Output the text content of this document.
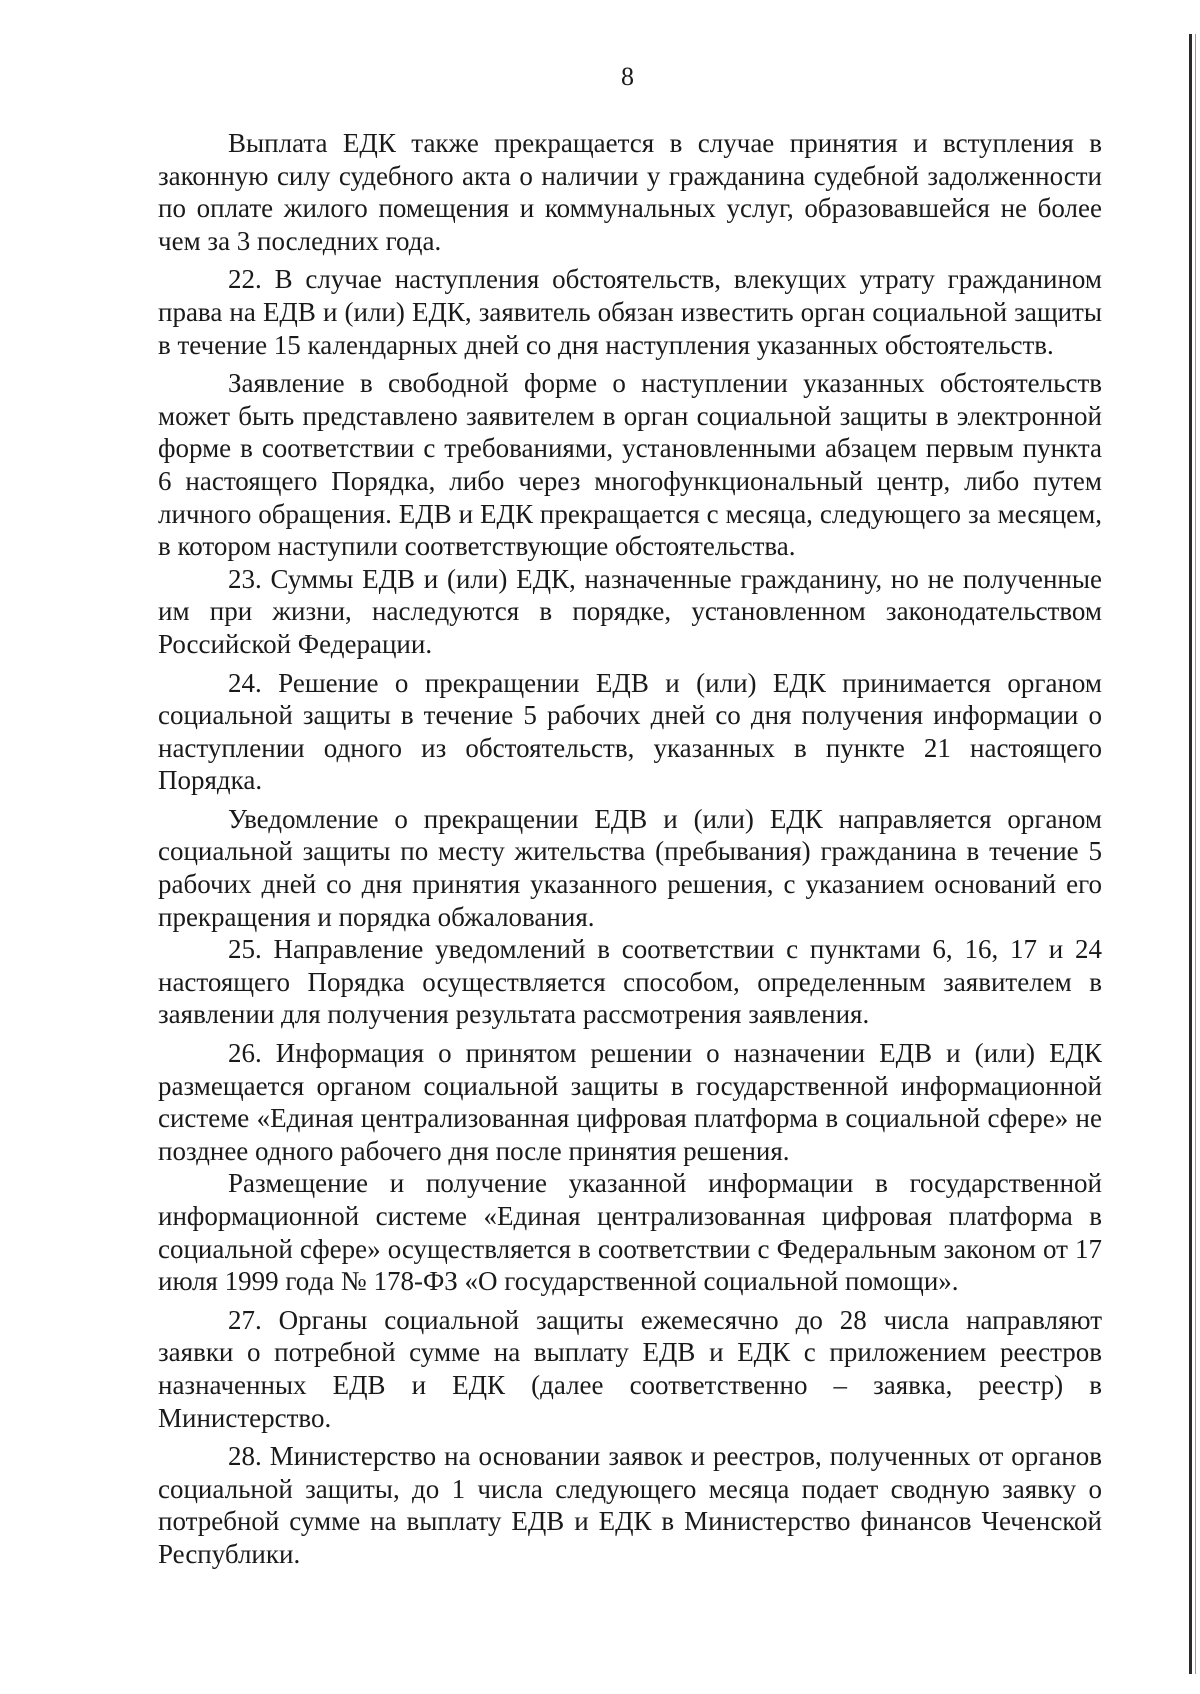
8

Выплата ЕДК также прекращается в случае принятия и вступления в законную силу судебного акта о наличии у гражданина судебной задолженности по оплате жилого помещения и коммунальных услуг, образовавшейся не более чем за 3 последних года.

22. В случае наступления обстоятельств, влекущих утрату гражданином права на ЕДВ и (или) ЕДК, заявитель обязан известить орган социальной защиты в течение 15 календарных дней со дня наступления указанных обстоятельств.

Заявление в свободной форме о наступлении указанных обстоятельств может быть представлено заявителем в орган социальной защиты в электронной форме в соответствии с требованиями, установленными абзацем первым пункта 6 настоящего Порядка, либо через многофункциональный центр, либо путем личного обращения. ЕДВ и ЕДК прекращается с месяца, следующего за месяцем, в котором наступили соответствующие обстоятельства.

23. Суммы ЕДВ и (или) ЕДК, назначенные гражданину, но не полученные им при жизни, наследуются в порядке, установленном законодательством Российской Федерации.

24. Решение о прекращении ЕДВ и (или) ЕДК принимается органом социальной защиты в течение 5 рабочих дней со дня получения информации о наступлении одного из обстоятельств, указанных в пункте 21 настоящего Порядка.

Уведомление о прекращении ЕДВ и (или) ЕДК направляется органом социальной защиты по месту жительства (пребывания) гражданина в течение 5 рабочих дней со дня принятия указанного решения, с указанием оснований его прекращения и порядка обжалования.

25. Направление уведомлений в соответствии с пунктами 6, 16, 17 и 24 настоящего Порядка осуществляется способом, определенным заявителем в заявлении для получения результата рассмотрения заявления.

26. Информация о принятом решении о назначении ЕДВ и (или) ЕДК размещается органом социальной защиты в государственной информационной системе «Единая централизованная цифровая платформа в социальной сфере» не позднее одного рабочего дня после принятия решения.

Размещение и получение указанной информации в государственной информационной системе «Единая централизованная цифровая платформа в социальной сфере» осуществляется в соответствии с Федеральным законом от 17 июля 1999 года № 178-ФЗ «О государственной социальной помощи».

27. Органы социальной защиты ежемесячно до 28 числа направляют заявки о потребной сумме на выплату ЕДВ и ЕДК с приложением реестров назначенных ЕДВ и ЕДК (далее соответственно – заявка, реестр) в Министерство.

28. Министерство на основании заявок и реестров, полученных от органов социальной защиты, до 1 числа следующего месяца подает сводную заявку о потребной сумме на выплату ЕДВ и ЕДК в Министерство финансов Чеченской Республики.
